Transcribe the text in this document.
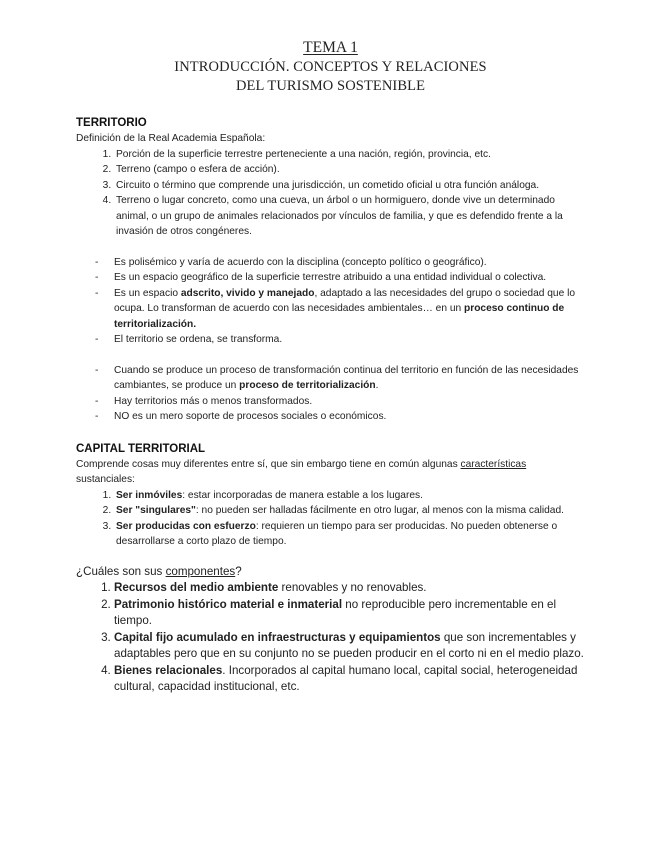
TEMA 1
INTRODUCCIÓN. CONCEPTOS Y RELACIONES
DEL TURISMO SOSTENIBLE
TERRITORIO
Definición de la Real Academia Española:
1. Porción de la superficie terrestre perteneciente a una nación, región, provincia, etc.
2. Terreno (campo o esfera de acción).
3. Circuito o término que comprende una jurisdicción, un cometido oficial u otra función análoga.
4. Terreno o lugar concreto, como una cueva, un árbol o un hormiguero, donde vive un determinado animal, o un grupo de animales relacionados por vínculos de familia, y que es defendido frente a la invasión de otros congéneres.
- Es polisémico y varía de acuerdo con la disciplina (concepto político o geográfico).
- Es un espacio geográfico de la superficie terrestre atribuido a una entidad individual o colectiva.
- Es un espacio adscrito, vivido y manejado, adaptado a las necesidades del grupo o sociedad que lo ocupa. Lo transforman de acuerdo con las necesidades ambientales… en un proceso continuo de territorialización.
- El territorio se ordena, se transforma.
- Cuando se produce un proceso de transformación continua del territorio en función de las necesidades cambiantes, se produce un proceso de territorialización.
- Hay territorios más o menos transformados.
- NO es un mero soporte de procesos sociales o económicos.
CAPITAL TERRITORIAL
Comprende cosas muy diferentes entre sí, que sin embargo tiene en común algunas características sustanciales:
1. Ser inmóviles: estar incorporadas de manera estable a los lugares.
2. Ser "singulares": no pueden ser halladas fácilmente en otro lugar, al menos con la misma calidad.
3. Ser producidas con esfuerzo: requieren un tiempo para ser producidas. No pueden obtenerse o desarrollarse a corto plazo de tiempo.
¿Cuáles son sus componentes?
1. Recursos del medio ambiente renovables y no renovables.
2. Patrimonio histórico material e inmaterial no reproducible pero incrementable en el tiempo.
3. Capital fijo acumulado en infraestructuras y equipamientos que son incrementables y adaptables pero que en su conjunto no se pueden producir en el corto ni en el medio plazo.
4. Bienes relacionales. Incorporados al capital humano local, capital social, heterogeneidad cultural, capacidad institucional, etc.
